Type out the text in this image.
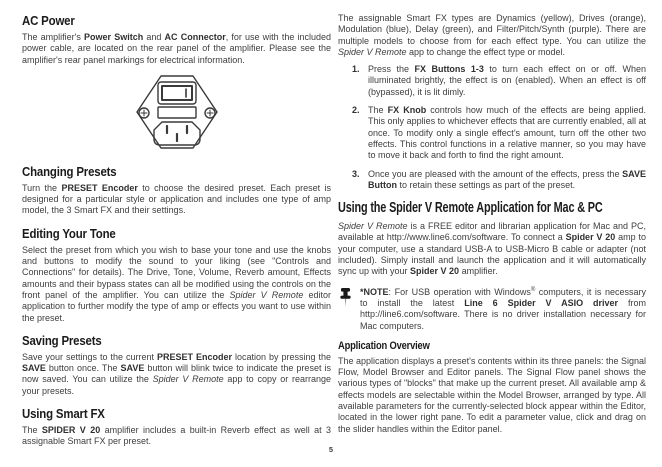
AC Power

The amplifier's Power Switch and AC Connector, for use with the included power cable, are located on the rear panel of the amplifier. Please see the amplifier's rear panel markings for electrical information.

Changing Presets

Turn the PRESET Encoder to choose the desired preset. Each preset is designed for a particular style or application and includes one type of amp model, the 3 Smart FX and their settings.

Editing Your Tone

Select the preset from which you wish to base your tone and use the knobs and buttons to modify the sound to your liking (see "Controls and Connections" for details). The Drive, Tone, Volume, Reverb amount, Effects amounts and their bypass states can all be modified using the controls on the front panel of the amplifier. You can utilize the Spider V Remote editor application to further modify the type of amp or effects you want to use within the preset.

Saving Presets

Save your settings to the current PRESET Encoder location by pressing the SAVE button once. The SAVE button will blink twice to indicate the preset is now saved. You can utilize the Spider V Remote app to copy or rearrange your presets.

Using Smart FX

The SPIDER V 20 amplifier includes a built-in Reverb effect as well at 3 assignable Smart FX per preset.

The assignable Smart FX types are Dynamics (yellow), Drives (orange), Modulation (blue), Delay (green), and Filter/Pitch/Synth (purple). There are multiple models to choose from for each effect type. You can utilize the Spider V Remote app to change the effect type or model.

1. Press the FX Buttons 1-3 to turn each effect on or off. When illuminated brightly, the effect is on (enabled). When an effect is off (bypassed), it is lit dimly.
2. The FX Knob controls how much of the effects are being applied. This only applies to whichever effects that are currently enabled, all at once. To modify only a single effect's amount, turn off the other two effects. This control functions in a relative manner, so you may have to move it back and forth to find the right amount.
3. Once you are pleased with the amount of the effects, press the SAVE Button to retain these settings as part of the preset.
Using the Spider V Remote Application for Mac & PC

Spider V Remote is a FREE editor and librarian application for Mac and PC, available at http://www.line6.com/software. To connect a Spider V 20 amp to your computer, use a standard USB-A to USB-Micro B cable or adapter (not included). Simply install and launch the application and it will automatically sync up with your Spider V 20 amplifier.

*NOTE: For USB operation with Windows® computers, it is necessary to install the latest Line 6 Spider V ASIO driver from http://line6.com/software. There is no driver installation necessary for Mac computers.
Application Overview

The application displays a preset's contents within its three panels: the Signal Flow, Model Browser and Editor panels. The Signal Flow panel shows the various types of "blocks" that make up the current preset. All available amp & effects models are selectable within the Model Browser, arranged by type. All available parameters for the currently-selected block appear within the Editor, located in the lower right pane. To edit a parameter value, click and drag on the slider handles within the Editor panel.

5
